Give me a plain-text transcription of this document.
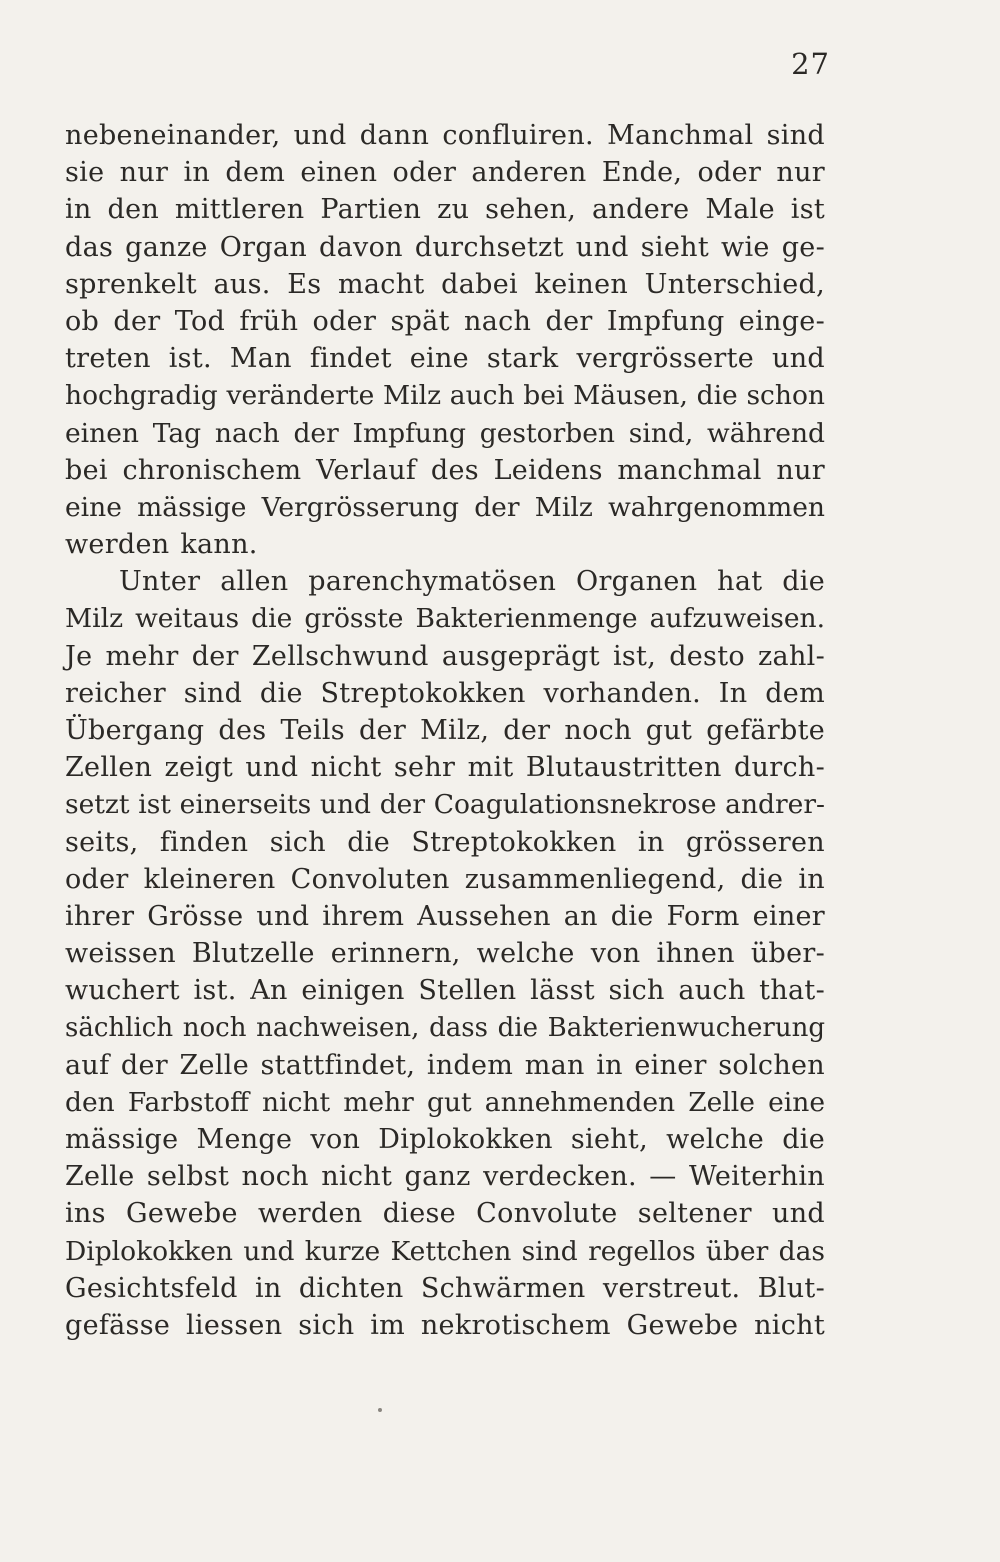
27
nebeneinander, und dann confluiren. Manchmal sind
sie nur in dem einen oder anderen Ende, oder nur
in den mittleren Partien zu sehen, andere Male ist
das ganze Organ davon durchsetzt und sieht wie ge-
sprenkelt aus. Es macht dabei keinen Unterschied,
ob der Tod früh oder spät nach der Impfung einge-
treten ist. Man findet eine stark vergrösserte und
hochgradig veränderte Milz auch bei Mäusen, die schon
einen Tag nach der Impfung gestorben sind, während
bei chronischem Verlauf des Leidens manchmal nur
eine mässige Vergrösserung der Milz wahrgenommen
werden kann.
Unter allen parenchymatösen Organen hat die
Milz weitaus die grösste Bakterienmenge aufzuweisen.
Je mehr der Zellschwund ausgeprägt ist, desto zahl-
reicher sind die Streptokokken vorhanden. In dem
Übergang des Teils der Milz, der noch gut gefärbte
Zellen zeigt und nicht sehr mit Blutaustritten durch-
setzt ist einerseits und der Coagulationsnekrose andrer-
seits, finden sich die Streptokokken in grösseren
oder kleineren Convoluten zusammenliegend, die in
ihrer Grösse und ihrem Aussehen an die Form einer
weissen Blutzelle erinnern, welche von ihnen über-
wuchert ist. An einigen Stellen lässt sich auch that-
sächlich noch nachweisen, dass die Bakterienwucherung
auf der Zelle stattfindet, indem man in einer solchen
den Farbstoff nicht mehr gut annehmenden Zelle eine
mässige Menge von Diplokokken sieht, welche die
Zelle selbst noch nicht ganz verdecken. — Weiterhin
ins Gewebe werden diese Convolute seltener und
Diplokokken und kurze Kettchen sind regellos über das
Gesichtsfeld in dichten Schwärmen verstreut. Blut-
gefässe liessen sich im nekrotischem Gewebe nicht
